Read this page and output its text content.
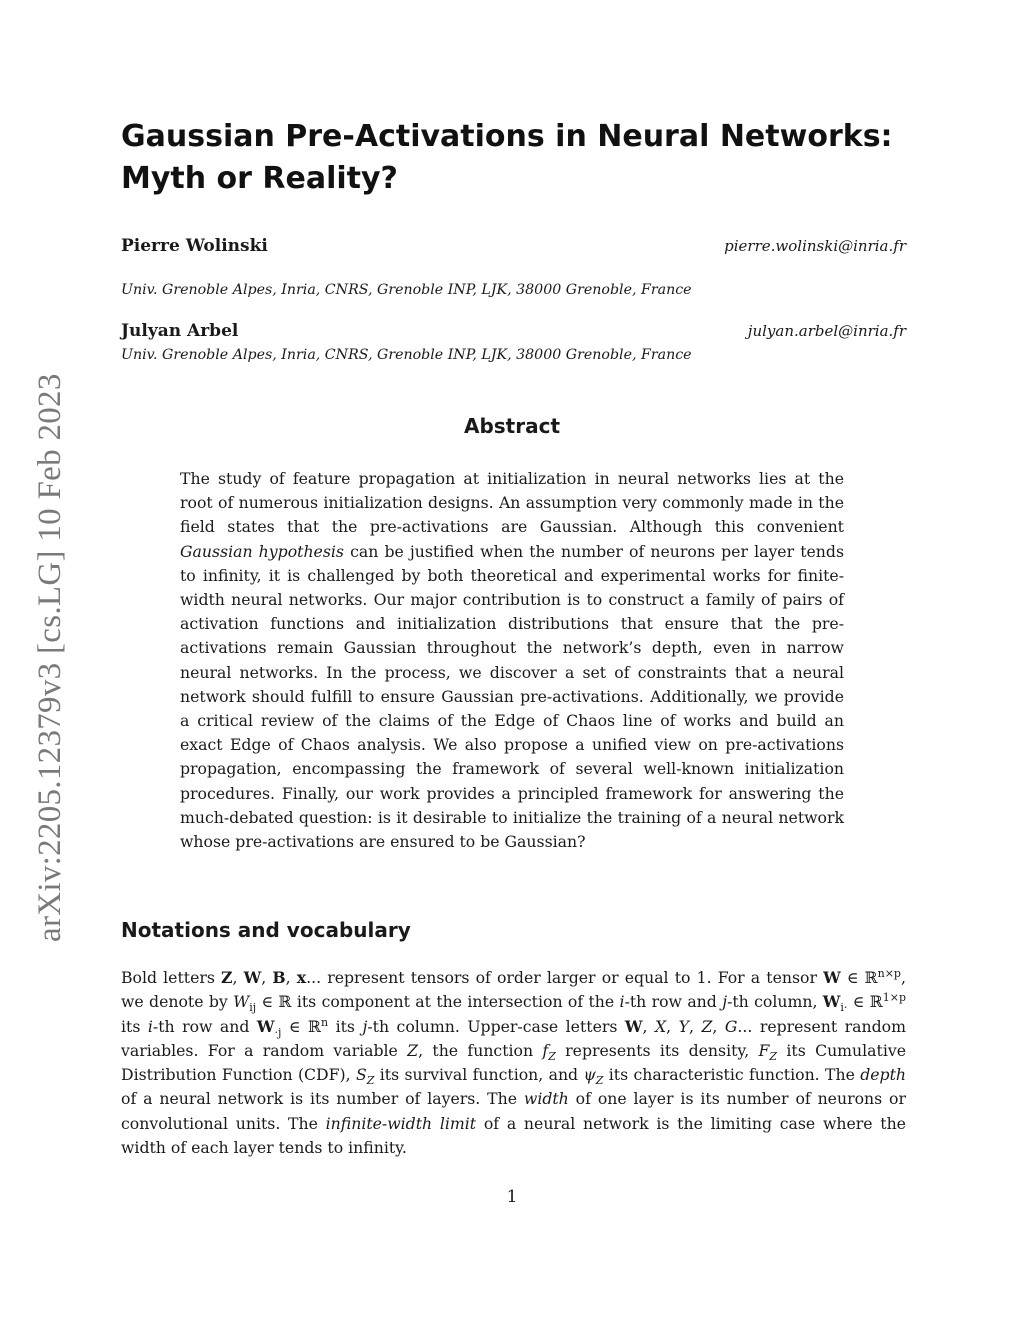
arXiv:2205.12379v3 [cs.LG] 10 Feb 2023
Gaussian Pre-Activations in Neural Networks: Myth or Reality?
Pierre Wolinski	pierre.wolinski@inria.fr
Univ. Grenoble Alpes, Inria, CNRS, Grenoble INP, LJK, 38000 Grenoble, France
Julyan Arbel	julyan.arbel@inria.fr
Univ. Grenoble Alpes, Inria, CNRS, Grenoble INP, LJK, 38000 Grenoble, France
Abstract

The study of feature propagation at initialization in neural networks lies at the root of numerous initialization designs. An assumption very commonly made in the field states that the pre-activations are Gaussian. Although this convenient Gaussian hypothesis can be justified when the number of neurons per layer tends to infinity, it is challenged by both theoretical and experimental works for finite-width neural networks. Our major contribution is to construct a family of pairs of activation functions and initialization distributions that ensure that the pre-activations remain Gaussian throughout the network’s depth, even in narrow neural networks. In the process, we discover a set of constraints that a neural network should fulfill to ensure Gaussian pre-activations. Additionally, we provide a critical review of the claims of the Edge of Chaos line of works and build an exact Edge of Chaos analysis. We also propose a unified view on pre-activations propagation, encompassing the framework of several well-known initialization procedures. Finally, our work provides a principled framework for answering the much-debated question: is it desirable to initialize the training of a neural network whose pre-activations are ensured to be Gaussian?

Notations and vocabulary

Bold letters Z, W, B, x... represent tensors of order larger or equal to 1. For a tensor W ∈ ℝ$^{n\times p}$, we denote by $W_{ij}$ ∈ ℝ its component at the intersection of the i-th row and j-th column, $W_{i\cdot}$ ∈ ℝ$^{1\times p}$ its i-th row and $W_{\cdot j}$ ∈ ℝ$^n$ its j-th column. Upper-case letters W, X, Y, Z, G... represent random variables. For a random variable Z, the function $f_Z$ represents its density, $F_Z$ its Cumulative Distribution Function (CDF), $S_Z$ its survival function, and $\psi_Z$ its characteristic function. The depth of a neural network is its number of layers. The width of one layer is its number of neurons or convolutional units. The infinite-width limit of a neural network is the limiting case where the width of each layer tends to infinity.

1
